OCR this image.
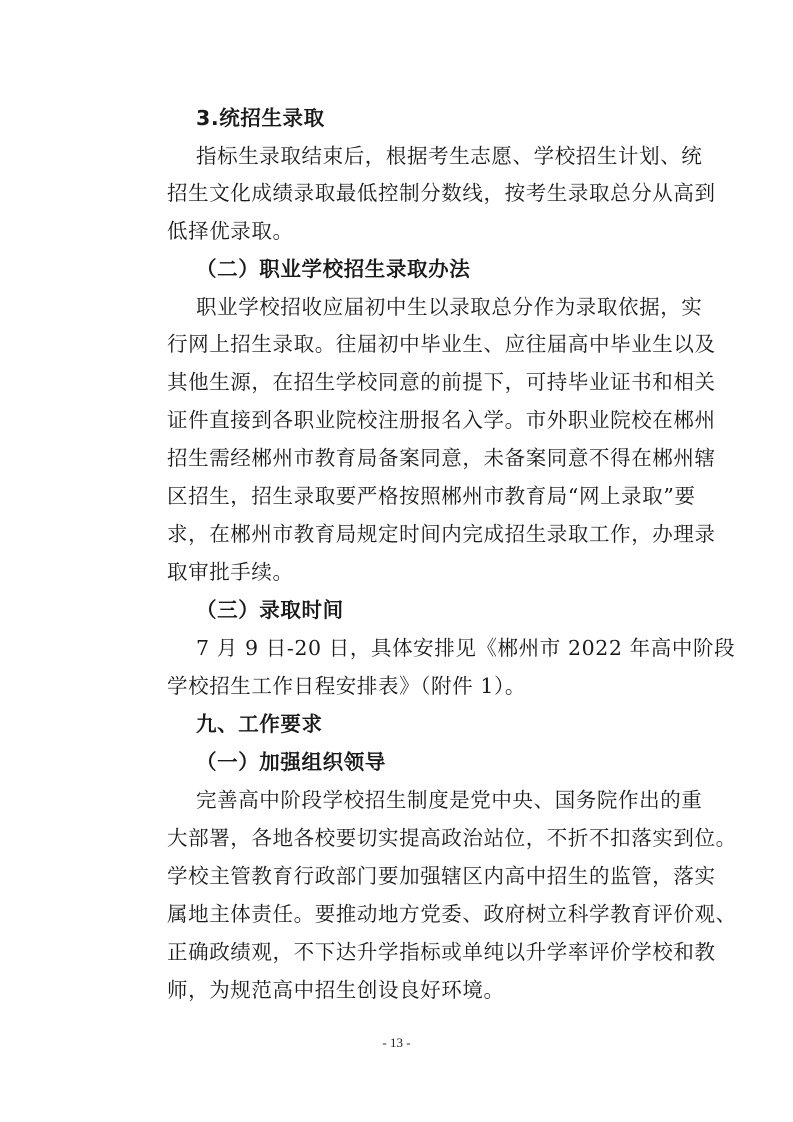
3.统招生录取
指标生录取结束后，根据考生志愿、学校招生计划、统
招生文化成绩录取最低控制分数线，按考生录取总分从高到
低择优录取。
（二）职业学校招生录取办法
职业学校招收应届初中生以录取总分作为录取依据，实
行网上招生录取。往届初中毕业生、应往届高中毕业生以及
其他生源，在招生学校同意的前提下，可持毕业证书和相关
证件直接到各职业院校注册报名入学。市外职业院校在郴州
招生需经郴州市教育局备案同意，未备案同意不得在郴州辖
区招生，招生录取要严格按照郴州市教育局“网上录取”要
求，在郴州市教育局规定时间内完成招生录取工作，办理录
取审批手续。
（三）录取时间
7 月 9 日-20 日，具体安排见《郴州市 2022 年高中阶段
学校招生工作日程安排表》（附件 1）。
九、工作要求
（一）加强组织领导
完善高中阶段学校招生制度是党中央、国务院作出的重
大部署，各地各校要切实提高政治站位，不折不扣落实到位。
学校主管教育行政部门要加强辖区内高中招生的监管，落实
属地主体责任。要推动地方党委、政府树立科学教育评价观、
正确政绩观，不下达升学指标或单纯以升学率评价学校和教
师，为规范高中招生创设良好环境。
- 13 -
